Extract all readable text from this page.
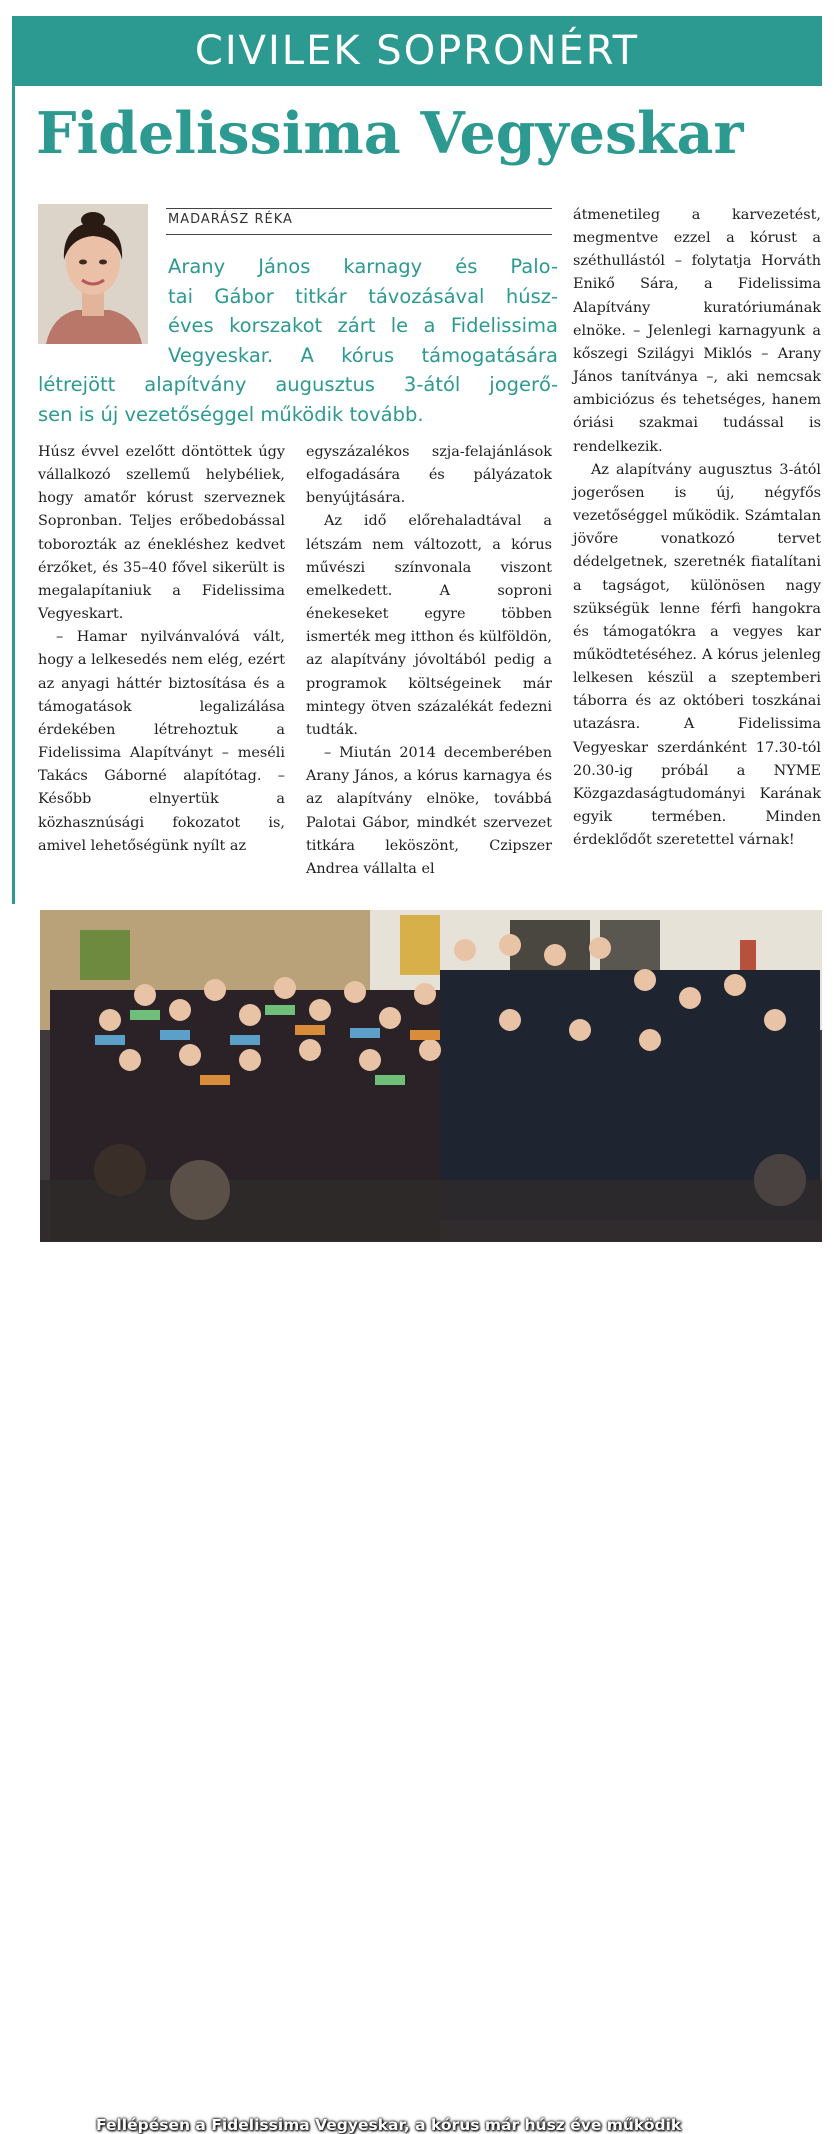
CIVILEK SOPRONÉRT
Fidelissima Vegyeskar
MADARÁSZ RÉKA

Arany János karnagy és Palo-

tai Gábor titkár távozásával húsz-

éves korszakot zárt le a Fidelissima

Vegyeskar. A kórus támogatására

létrejött alapítvány augusztus 3-ától jogerő-

sen is új vezetőséggel működik tovább.

Húsz évvel ezelőtt döntöttek úgy vállalkozó szellemű helybéliek, hogy amatőr kórust szerveznek Sopronban. Teljes erőbedobással toborozták az énekléshez kedvet érzőket, és 35–40 fővel sikerült is megalapítaniuk a Fidelissima Vegyeskart.

– Hamar nyilvánvalóvá vált, hogy a lelkesedés nem elég, ezért az anyagi háttér biztosítása és a támogatások legalizálása érdekében létrehoztuk a Fidelissima Alapítványt – meséli Takács Gáborné alapítótag. – Később elnyertük a közhasznúsági fokozatot is, amivel lehetőségünk nyílt az

egyszázalékos szja-felajánlások elfogadására és pályázatok benyújtására.

Az idő előrehaladtával a létszám nem változott, a kórus művészi színvonala viszont emelkedett. A soproni énekeseket egyre többen ismerték meg itthon és külföldön, az alapítvány jóvoltából pedig a programok költségeinek már mintegy ötven százalékát fedezni tudták.

– Miután 2014 decemberében Arany János, a kórus karnagya és az alapítvány elnöke, továbbá Palotai Gábor, mindkét szervezet titkára leköszönt, Czipszer Andrea vállalta el

átmenetileg a karvezetést, megmentve ezzel a kórust a széthullástól – folytatja Horváth Enikő Sára, a Fidelissima Alapítvány kuratóriumának elnöke. – Jelenlegi karnagyunk a kőszegi Szilágyi Miklós – Arany János tanítványa –, aki nemcsak ambiciózus és tehetséges, hanem óriási szakmai tudással is rendelkezik.

Az alapítvány augusztus 3-ától jogerősen is új, négyfős vezetőséggel működik. Számtalan jövőre vonatkozó tervet dédelgetnek, szeretnék fiatalítani a tagságot, különösen nagy szükségük lenne férfi hangokra és támogatókra a vegyes kar működtetéséhez. A kórus jelenleg lelkesen készül a szeptemberi táborra és az októberi toszkánai utazásra. A Fidelissima Vegyeskar szerdánként 17.30-tól 20.30-ig próbál a NYME Közgazdaságtudományi Karának egyik termében. Minden érdeklődőt szeretettel várnak!

Fellépésen a Fidelissima Vegyeskar, a kórus már húsz éve működik
